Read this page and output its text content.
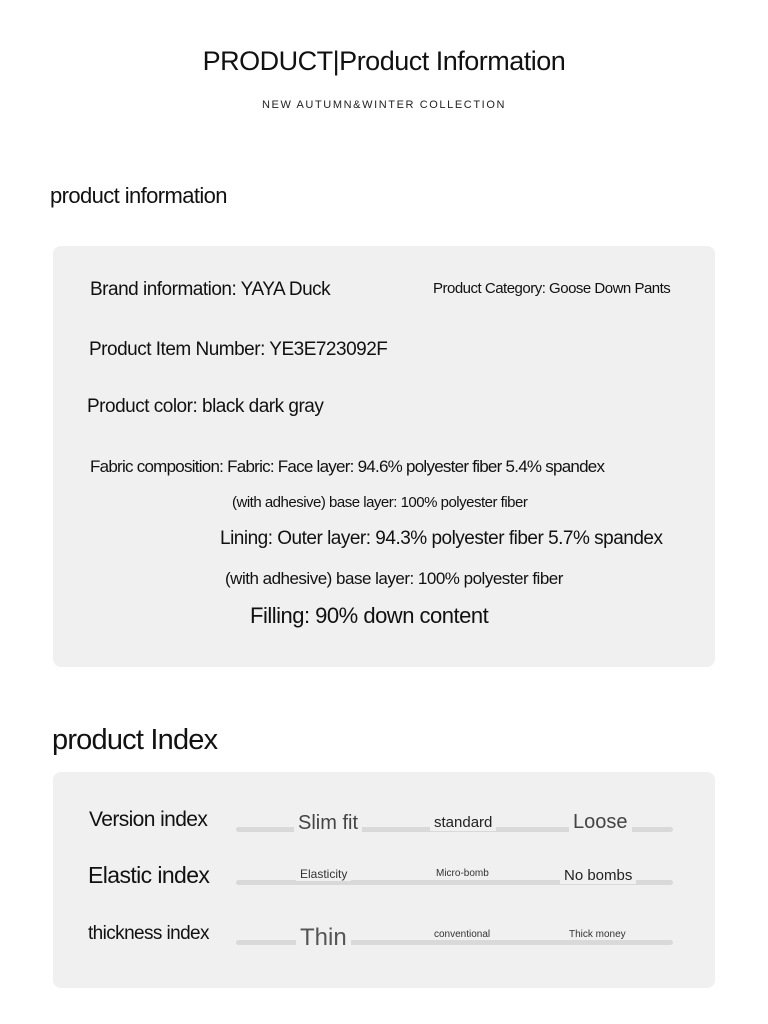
PRODUCT|Product Information
NEW AUTUMN&WINTER COLLECTION
product information
Brand information: YAYA Duck	Product Category: Goose Down Pants
Product Item Number: YE3E723092F
Product color: black dark gray
Fabric composition: Fabric: Face layer: 94.6% polyester fiber 5.4% spandex
(with adhesive) base layer: 100% polyester fiber
Lining: Outer layer: 94.3% polyester fiber 5.7% spandex
(with adhesive) base layer: 100% polyester fiber
Filling: 90% down content
product Index
Version index	Slim fit	standard	Loose
Elastic index	Elasticity	Micro-bomb	No bombs
thickness index	Thin	conventional	Thick money
